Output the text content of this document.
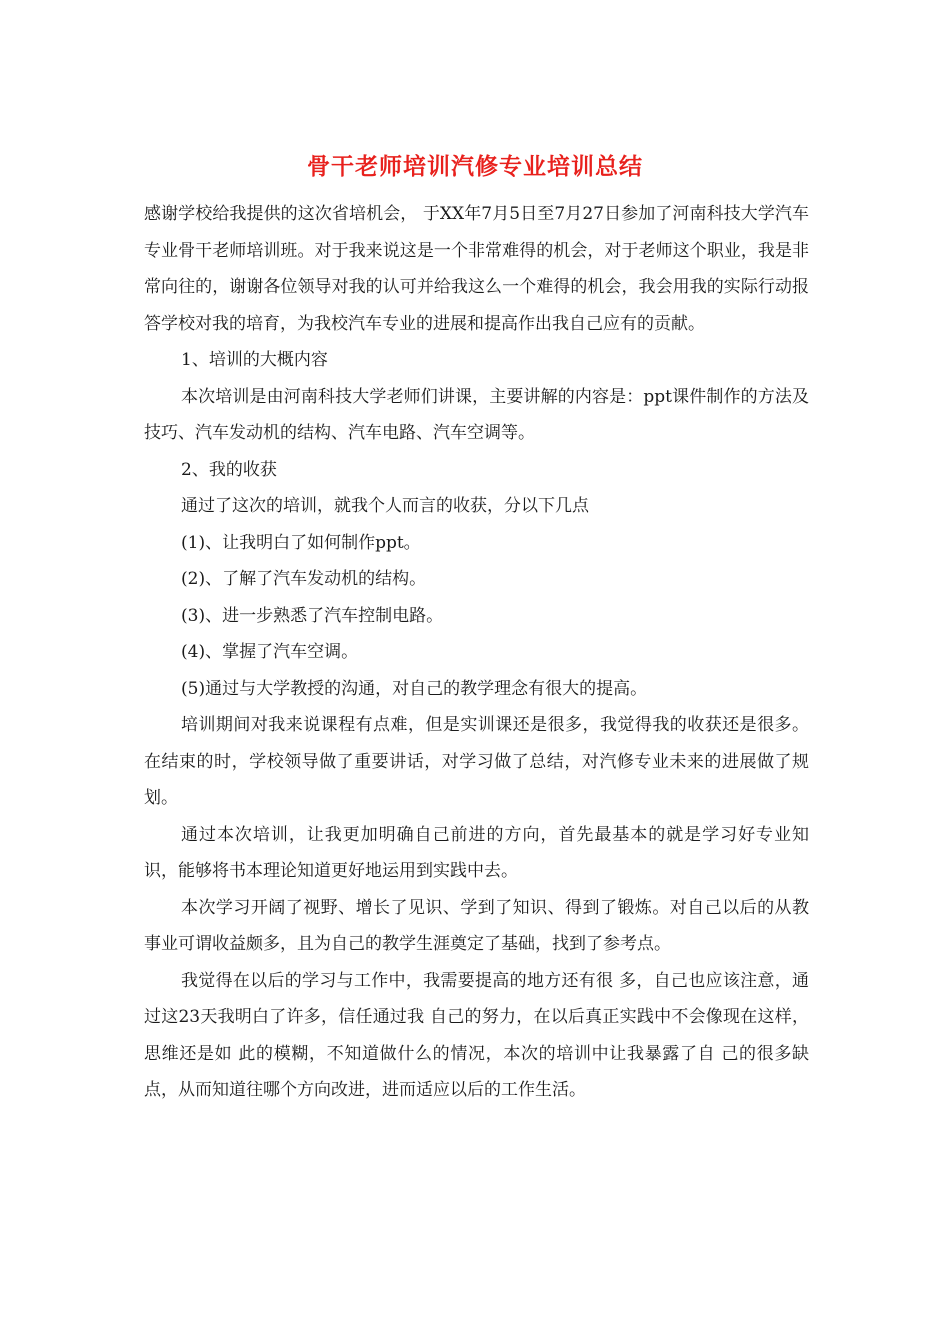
骨干老师培训汽修专业培训总结

感谢学校给我提供的这次省培机会， 于XX年7月5日至7月27日参加了河南科技大学汽车专业骨干老师培训班。对于我来说这是一个非常难得的机会，对于老师这个职业，我是非常向往的，谢谢各位领导对我的认可并给我这么一个难得的机会，我会用我的实际行动报答学校对我的培育，为我校汽车专业的进展和提高作出我自己应有的贡献。

1、培训的大概内容

本次培训是由河南科技大学老师们讲课，主要讲解的内容是：ppt课件制作的方法及技巧、汽车发动机的结构、汽车电路、汽车空调等。

2、我的收获

通过了这次的培训，就我个人而言的收获，分以下几点

(1)、让我明白了如何制作ppt。

(2)、了解了汽车发动机的结构。

(3)、进一步熟悉了汽车控制电路。

(4)、掌握了汽车空调。

(5)通过与大学教授的沟通，对自己的教学理念有很大的提高。

培训期间对我来说课程有点难，但是实训课还是很多，我觉得我的收获还是很多。在结束的时，学校领导做了重要讲话，对学习做了总结，对汽修专业未来的进展做了规划。

通过本次培训，让我更加明确自己前进的方向，首先最基本的就是学习好专业知识，能够将书本理论知道更好地运用到实践中去。

本次学习开阔了视野、增长了见识、学到了知识、得到了锻炼。对自己以后的从教事业可谓收益颇多，且为自己的教学生涯奠定了基础，找到了参考点。

我觉得在以后的学习与工作中，我需要提高的地方还有很 多，自己也应该注意，通过这23天我明白了许多，信任通过我 自己的努力，在以后真正实践中不会像现在这样，思维还是如 此的模糊，不知道做什么的情况，本次的培训中让我暴露了自 己的很多缺点，从而知道往哪个方向改进，进而适应以后的工作生活。
